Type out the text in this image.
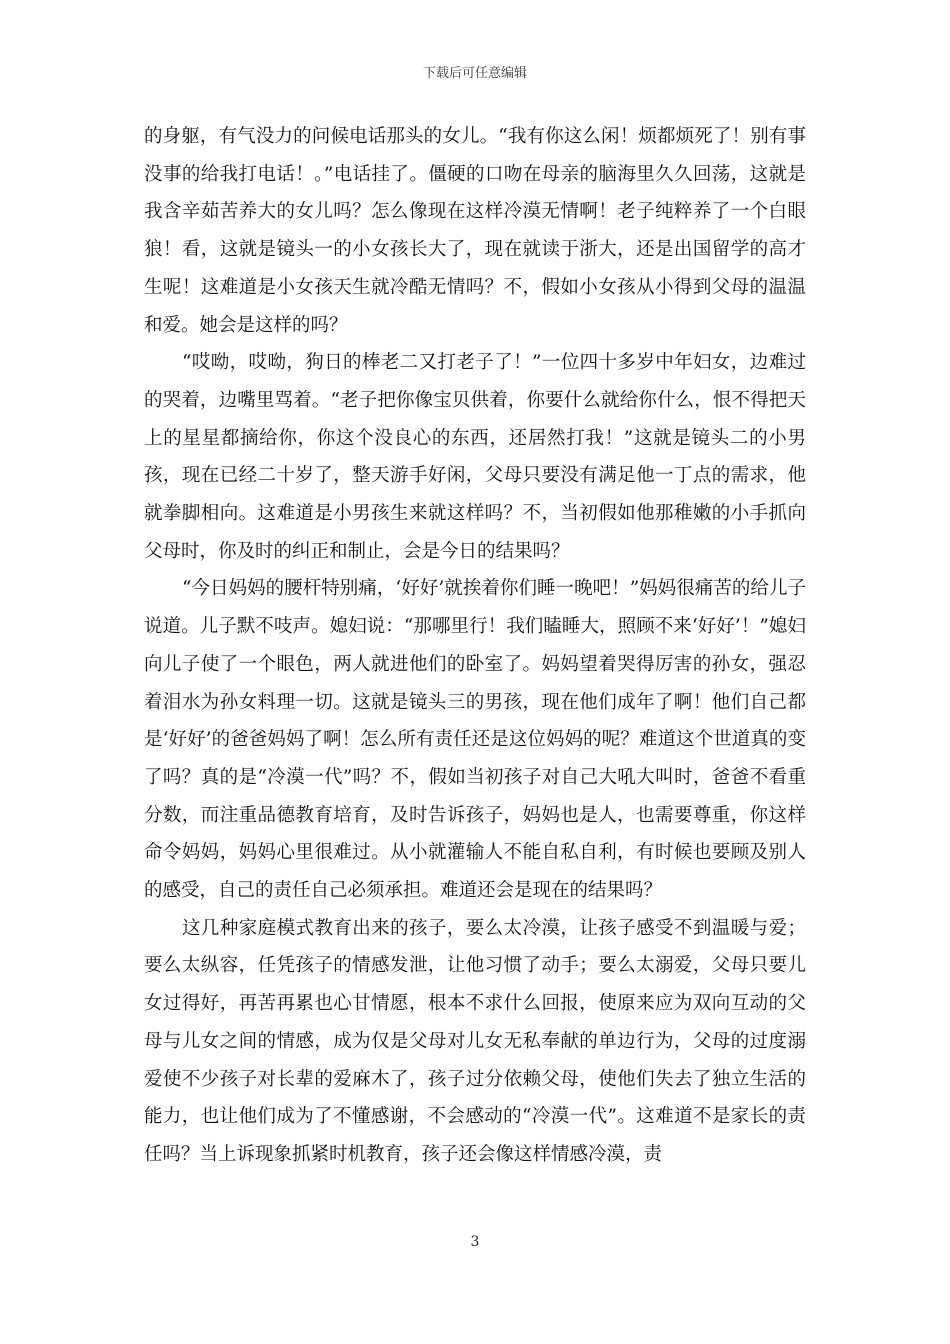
下载后可任意编辑

的身躯，有气没力的问候电话那头的女儿。“我有你这么闲！烦都烦死了！别有事没事的给我打电话！。”电话挂了。僵硬的口吻在母亲的脑海里久久回荡，这就是我含辛茹苦养大的女儿吗？怎么像现在这样冷漠无情啊！老子纯粹养了一个白眼狼！看，这就是镜头一的小女孩长大了，现在就读于浙大，还是出国留学的高才生呢！这难道是小女孩天生就冷酷无情吗？不，假如小女孩从小得到父母的温温和爱。她会是这样的吗？

“哎呦，哎呦，狗日的棒老二又打老子了！”一位四十多岁中年妇女，边难过的哭着，边嘴里骂着。“老子把你像宝贝供着，你要什么就给你什么，恨不得把天上的星星都摘给你，你这个没良心的东西，还居然打我！”这就是镜头二的小男孩，现在已经二十岁了，整天游手好闲，父母只要没有满足他一丁点的需求，他就拳脚相向。这难道是小男孩生来就这样吗？不，当初假如他那稚嫩的小手抓向父母时，你及时的纠正和制止，会是今日的结果吗？

“今日妈妈的腰杆特别痛，‘好好’就挨着你们睡一晚吧！”妈妈很痛苦的给儿子说道。儿子默不吱声。媳妇说：“那哪里行！我们瞌睡大，照顾不来‘好好’！”媳妇向儿子使了一个眼色，两人就进他们的卧室了。妈妈望着哭得厉害的孙女，强忍着泪水为孙女料理一切。这就是镜头三的男孩，现在他们成年了啊！他们自己都是‘好好’的爸爸妈妈了啊！怎么所有责任还是这位妈妈的呢？难道这个世道真的变了吗？真的是“冷漠一代”吗？不，假如当初孩子对自己大吼大叫时，爸爸不看重分数，而注重品德教育培育，及时告诉孩子，妈妈也是人，也需要尊重，你这样命令妈妈，妈妈心里很难过。从小就灌输人不能自私自利，有时候也要顾及别人的感受，自己的责任自己必须承担。难道还会是现在的结果吗？

这几种家庭模式教育出来的孩子，要么太冷漠，让孩子感受不到温暖与爱；要么太纵容，任凭孩子的情感发泄，让他习惯了动手；要么太溺爱，父母只要儿女过得好，再苦再累也心甘情愿，根本不求什么回报，使原来应为双向互动的父母与儿女之间的情感，成为仅是父母对儿女无私奉献的单边行为，父母的过度溺爱使不少孩子对长辈的爱麻木了，孩子过分依赖父母，使他们失去了独立生活的能力，也让他们成为了不懂感谢，不会感动的“冷漠一代”。这难道不是家长的责任吗？当上诉现象抓紧时机教育，孩子还会像这样情感冷漠，责

3
